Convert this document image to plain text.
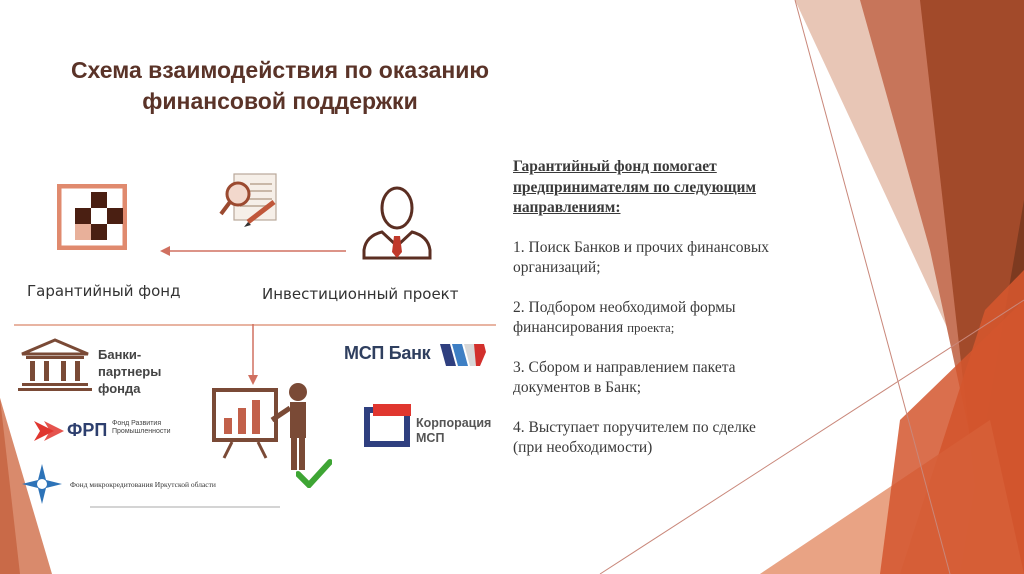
Схема взаимодействия по оказанию
финансовой поддержки
Гарантийный фонд	Инвестиционный проект
Банки-
партнеры
фонда
МСП Банк
ФРП Фонд Развития
Промышленности
Корпорация
МСП
Фонд микрокредитования Иркутской области
Гарантийный фонд помогает
предпринимателям по следующим
направлениям:
1. Поиск Банков и прочих финансовых
организаций;
2. Подбором необходимой формы
финансирования проекта;
3. Сбором и направлением пакета
документов в Банк;
4. Выступает поручителем по сделке
(при необходимости)
